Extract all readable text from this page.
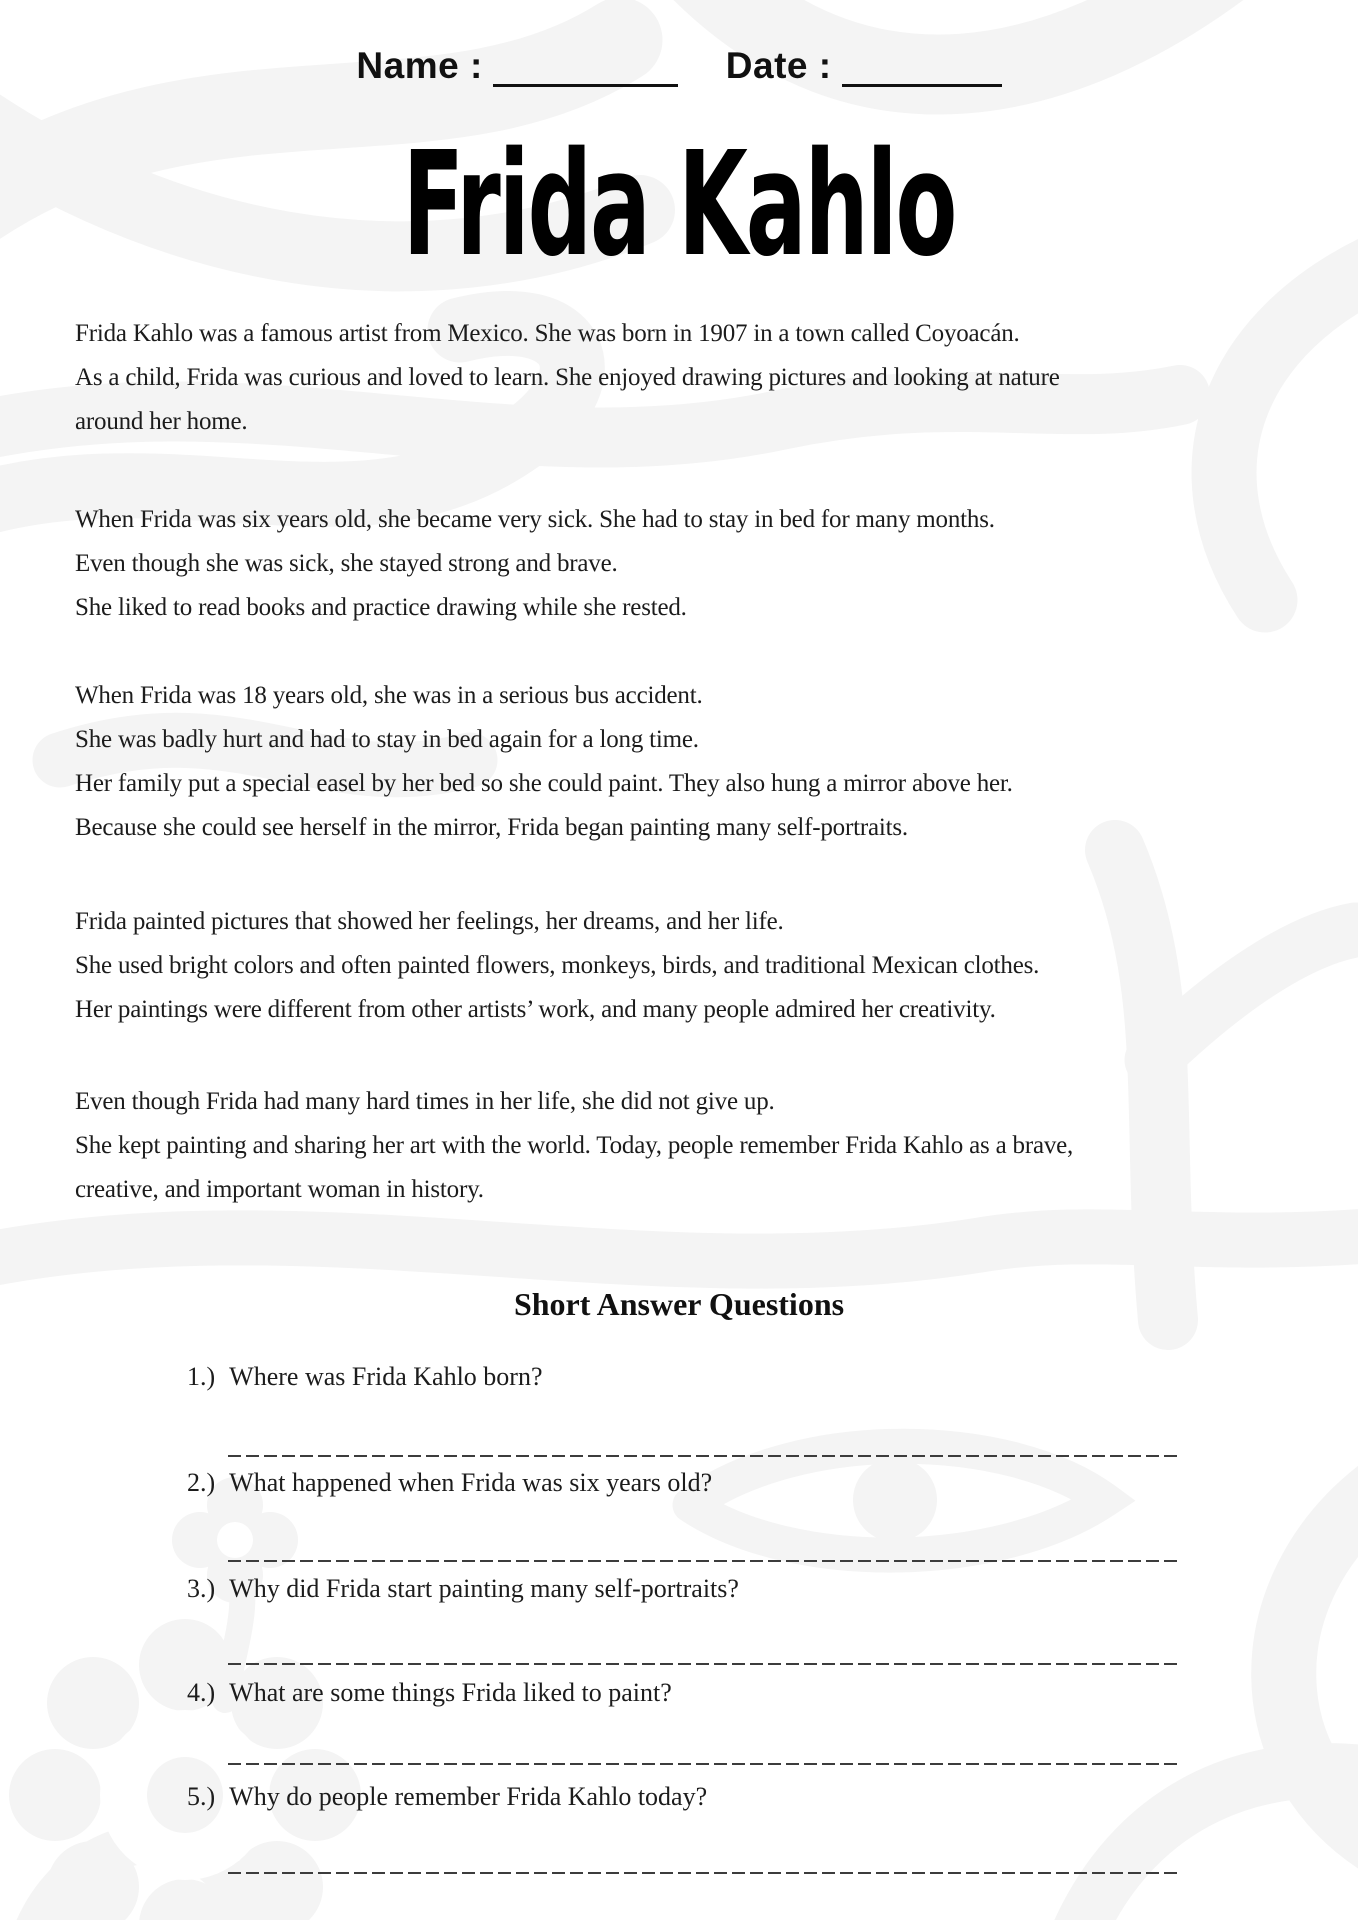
Name :	Date :
Frida Kahlo
Frida Kahlo was a famous artist from Mexico. She was born in 1907 in a town called Coyoacán.
As a child, Frida was curious and loved to learn. She enjoyed drawing pictures and looking at nature
around her home.
When Frida was six years old, she became very sick. She had to stay in bed for many months.
Even though she was sick, she stayed strong and brave.
She liked to read books and practice drawing while she rested.
When Frida was 18 years old, she was in a serious bus accident.
She was badly hurt and had to stay in bed again for a long time.
Her family put a special easel by her bed so she could paint. They also hung a mirror above her.
Because she could see herself in the mirror, Frida began painting many self-portraits.
Frida painted pictures that showed her feelings, her dreams, and her life.
She used bright colors and often painted flowers, monkeys, birds, and traditional Mexican clothes.
Her paintings were different from other artists’ work, and many people admired her creativity.
Even though Frida had many hard times in her life, she did not give up.
She kept painting and sharing her art with the world. Today, people remember Frida Kahlo as a brave,
creative, and important woman in history.
Short Answer Questions
1.) Where was Frida Kahlo born?
2.) What happened when Frida was six years old?
3.) Why did Frida start painting many self-portraits?
4.) What are some things Frida liked to paint?
5.) Why do people remember Frida Kahlo today?
